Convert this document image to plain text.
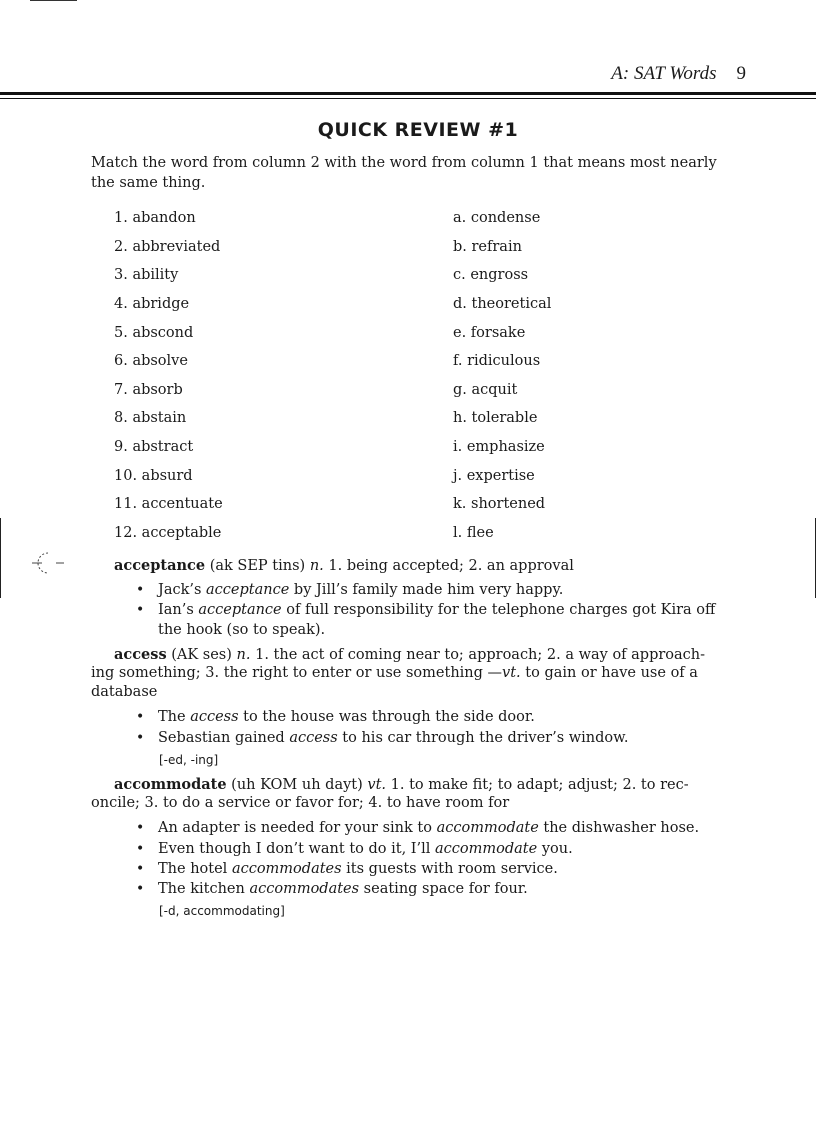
A: SAT Words 9
QUICK REVIEW #1
Match the word from column 2 with the word from column 1 that means most nearly the same thing.
1. abandon
2. abbreviated
3. ability
4. abridge
5. abscond
6. absolve
7. absorb
8. abstain
9. abstract
10. absurd
11. accentuate
12. acceptable
a. condense
b. refrain
c. engross
d. theoretical
e. forsake
f. ridiculous
g. acquit
h. tolerable
i. emphasize
j. expertise
k. shortened
l. flee
acceptance (ak SEP tins) n. 1. being accepted; 2. an approval
• Jack’s acceptance by Jill’s family made him very happy.
• Ian’s acceptance of full responsibility for the telephone charges got Kira off
the hook (so to speak).
access (AK ses) n. 1. the act of coming near to; approach; 2. a way of approach-
ing something; 3. the right to enter or use something —vt. to gain or have use of a
database
• The access to the house was through the side door.
• Sebastian gained access to his car through the driver’s window.
[-ed, -ing]
accommodate (uh KOM uh dayt) vt. 1. to make fit; to adapt; adjust; 2. to rec-
oncile; 3. to do a service or favor for; 4. to have room for
• An adapter is needed for your sink to accommodate the dishwasher hose.
• Even though I don’t want to do it, I’ll accommodate you.
• The hotel accommodates its guests with room service.
• The kitchen accommodates seating space for four.
[-d, accommodating]
